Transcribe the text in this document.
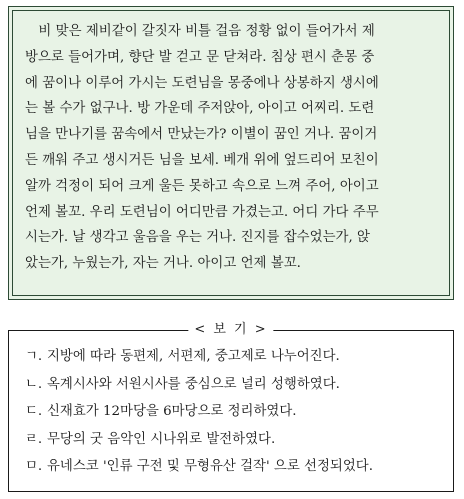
　비 맞은 제비같이 갈짓자 비틀 걸음 정황 없이 들어가서 제
방으로 들어가며, 향단 발 걷고 문 닫쳐라. 침상 편시 춘몽 중
에 꿈이나 이루어 가시는 도련님을 몽중에나 상봉하지 생시에
는 볼 수가 없구나. 방 가운데 주저앉아, 아이고 어찌리. 도련
님을 만나기를 꿈속에서 만났는가? 이별이 꿈인 거나. 꿈이거
든 깨워 주고 생시거든 님을 보세. 베개 위에 엎드리어 모친이
알까 걱정이 되어 크게 울든 못하고 속으로 느껴 주어, 아이고
언제 볼꼬. 우리 도련님이 어디만큼 가겼는고. 어디 가다 주무
시는가. 날 생각고 울음을 우는 거나. 진지를 잡수었는가, 앉
았는가, 누웠는가, 자는 거나. 아이고 언제 볼꼬.
< 보 기 >
ㄱ. 지방에 따라 동편제, 서편제, 중고제로 나누어진다.
ㄴ. 옥계시사와 서원시사를 중심으로 널리 성행하였다.
ㄷ. 신재효가 12마당을 6마당으로 정리하였다.
ㄹ. 무당의 굿 음악인 시나위로 발전하였다.
ㅁ. 유네스코 '인류 구전 및 무형유산 걸작' 으로 선정되었다.
